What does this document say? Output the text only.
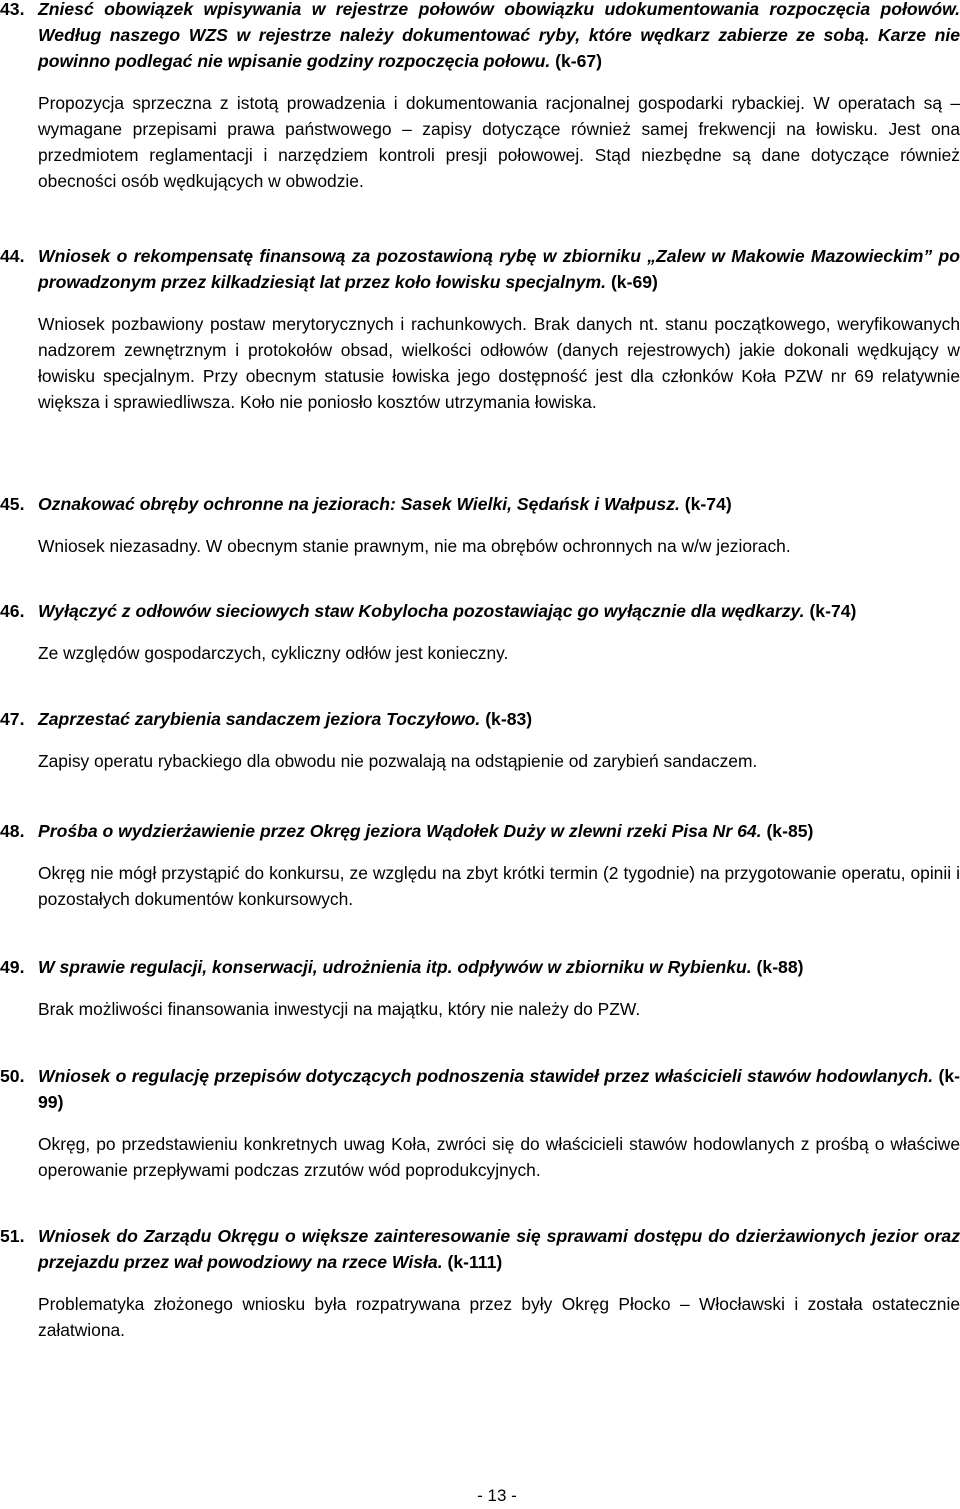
43. Zniesć obowiązek wpisywania w rejestrze połowów obowiązku udokumentowania rozpoczęcia połowów. Według naszego WZS w rejestrze należy dokumentować ryby, które wędkarz zabierze ze sobą. Karze nie powinno podlegać nie wpisanie godziny rozpoczęcia połowu. (k-67)

Propozycja sprzeczna z istotą prowadzenia i dokumentowania racjonalnej gospodarki rybackiej. W operatach są – wymagane przepisami prawa państwowego – zapisy dotyczące również samej frekwencji na łowisku. Jest ona przedmiotem reglamentacji i narzędziem kontroli presji połowowej. Stąd niezbędne są dane dotyczące również obecności osób wędkujących w obwodzie.

44. Wniosek o rekompensatę finansową za pozostawioną rybę w zbiorniku „Zalew w Makowie Mazowieckim” po prowadzonym przez kilkadziesiąt lat przez koło łowisku specjalnym. (k-69)

Wniosek pozbawiony postaw merytorycznych i rachunkowych. Brak danych nt. stanu początkowego, weryfikowanych nadzorem zewnętrznym i protokołów obsad, wielkości odłowów (danych rejestrowych) jakie dokonali wędkujący w łowisku specjalnym. Przy obecnym statusie łowiska jego dostępność jest dla członków Koła PZW nr 69 relatywnie większa i sprawiedliwsza. Koło nie poniosło kosztów utrzymania łowiska.

45. Oznakować obręby ochronne na jeziorach: Sasek Wielki, Sędańsk i Wałpusz. (k-74)

Wniosek niezasadny. W obecnym stanie prawnym, nie ma obrębów ochronnych na w/w jeziorach.

46. Wyłączyć z odłowów sieciowych staw Kobylocha pozostawiając go wyłącznie dla wędkarzy. (k-74)

Ze względów gospodarczych, cykliczny odłów jest konieczny.

47. Zaprzestać zarybienia sandaczem jeziora Toczyłowo. (k-83)

Zapisy operatu rybackiego dla obwodu nie pozwalają na odstąpienie od zarybień sandaczem.

48. Prośba o wydzierżawienie przez Okręg jeziora Wądołek Duży w zlewni rzeki Pisa Nr 64. (k-85)

Okręg nie mógł przystąpić do konkursu, ze względu na zbyt krótki termin (2 tygodnie) na przygotowanie operatu, opinii i pozostałych dokumentów konkursowych.

49. W sprawie regulacji, konserwacji, udrożnienia itp. odpływów w zbiorniku w Rybienku. (k-88)

Brak możliwości finansowania inwestycji na majątku, który nie należy do PZW.

50. Wniosek o regulację przepisów dotyczących podnoszenia stawideł przez właścicieli stawów hodowlanych. (k-99)

Okręg, po przedstawieniu konkretnych uwag Koła, zwróci się do właścicieli stawów hodowlanych z prośbą o właściwe operowanie przepływami podczas zrzutów wód poprodukcyjnych.

51. Wniosek do Zarządu Okręgu o większe zainteresowanie się sprawami dostępu do dzierżawionych jezior oraz przejazdu przez wał powodziowy na rzece Wisła. (k-111)

Problematyka złożonego wniosku była rozpatrywana przez były Okręg Płocko – Włocławski i została ostatecznie załatwiona.

- 13 -
